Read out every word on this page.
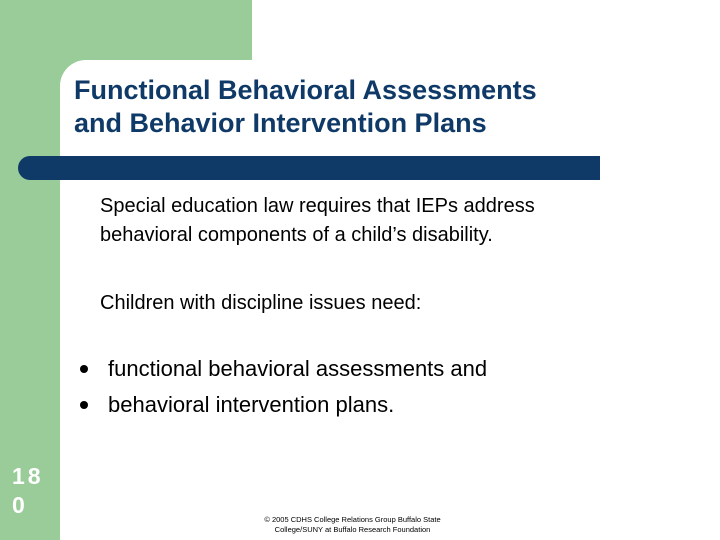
Functional Behavioral Assessments
and Behavior Intervention Plans
Special education law requires that IEPs address
behavioral components of a child’s disability.
Children with discipline issues need:
functional behavioral assessments and
behavioral intervention plans.
18
0
© 2005 CDHS College Relations Group Buffalo State
College/SUNY at Buffalo Research Foundation
